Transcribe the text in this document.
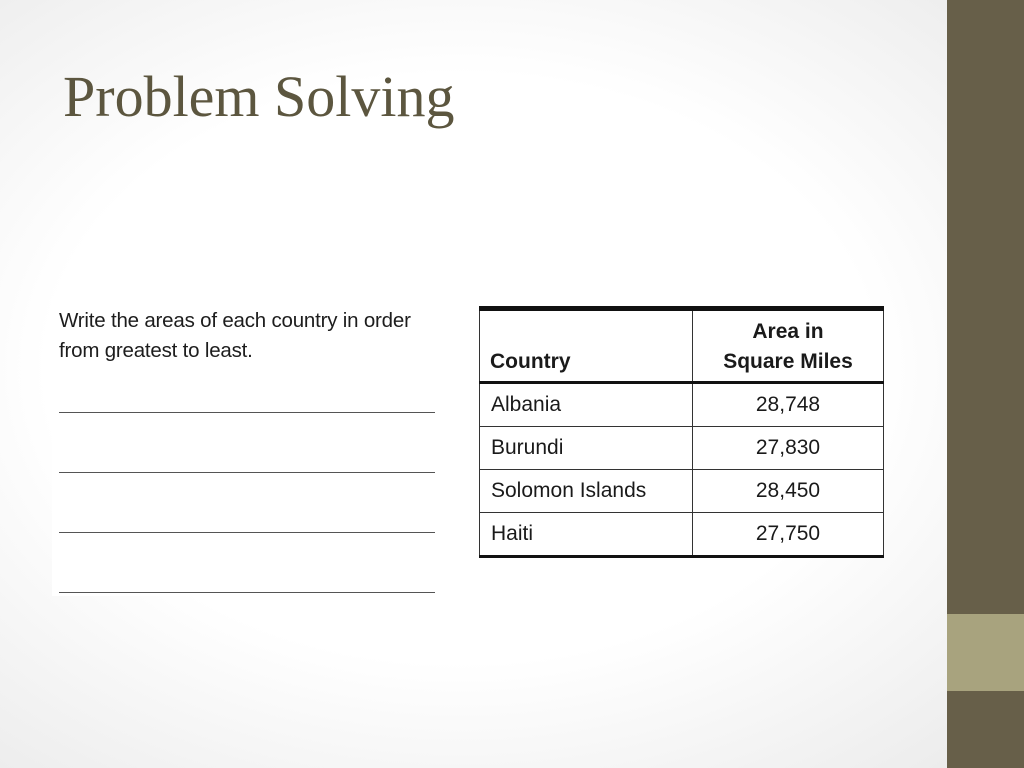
Problem Solving

Write the areas of each country in order from greatest to least.	Country	Area in
Square Miles
Albania	28,748
Burundi	27,830
Solomon Islands	28,450
Haiti	27,750
